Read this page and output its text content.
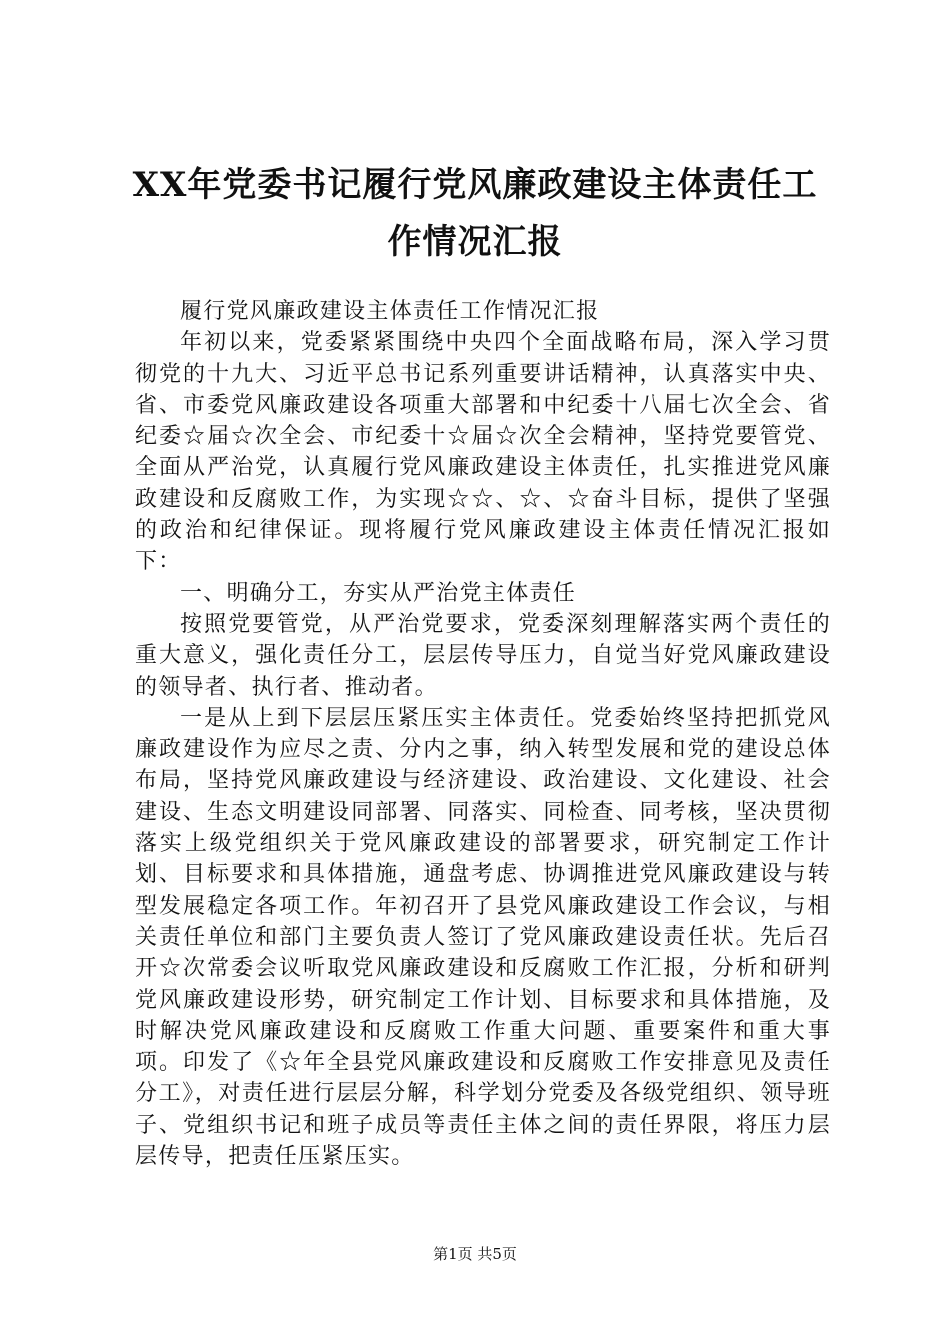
XX年党委书记履行党风廉政建设主体责任工
作情况汇报

履行党风廉政建设主体责任工作情况汇报

年初以来，党委紧紧围绕中央四个全面战略布局，深入学习贯彻党的十九大、习近平总书记系列重要讲话精神，认真落实中央、省、市委党风廉政建设各项重大部署和中纪委十八届七次全会、省纪委☆届☆次全会、市纪委十☆届☆次全会精神，坚持党要管党、全面从严治党，认真履行党风廉政建设主体责任，扎实推进党风廉政建设和反腐败工作，为实现☆☆、☆、☆奋斗目标，提供了坚强的政治和纪律保证。现将履行党风廉政建设主体责任情况汇报如下：

一、明确分工，夯实从严治党主体责任

按照党要管党，从严治党要求，党委深刻理解落实两个责任的重大意义，强化责任分工，层层传导压力，自觉当好党风廉政建设的领导者、执行者、推动者。

一是从上到下层层压紧压实主体责任。党委始终坚持把抓党风廉政建设作为应尽之责、分内之事，纳入转型发展和党的建设总体布局，坚持党风廉政建设与经济建设、政治建设、文化建设、社会建设、生态文明建设同部署、同落实、同检查、同考核，坚决贯彻落实上级党组织关于党风廉政建设的部署要求，研究制定工作计划、目标要求和具体措施，通盘考虑、协调推进党风廉政建设与转型发展稳定各项工作。年初召开了县党风廉政建设工作会议，与相关责任单位和部门主要负责人签订了党风廉政建设责任状。先后召开☆次常委会议听取党风廉政建设和反腐败工作汇报，分析和研判党风廉政建设形势，研究制定工作计划、目标要求和具体措施，及时解决党风廉政建设和反腐败工作重大问题、重要案件和重大事项。印发了《☆年全县党风廉政建设和反腐败工作安排意见及责任分工》，对责任进行层层分解，科学划分党委及各级党组织、领导班子、党组织书记和班子成员等责任主体之间的责任界限，将压力层层传导，把责任压紧压实。

第1页 共5页
